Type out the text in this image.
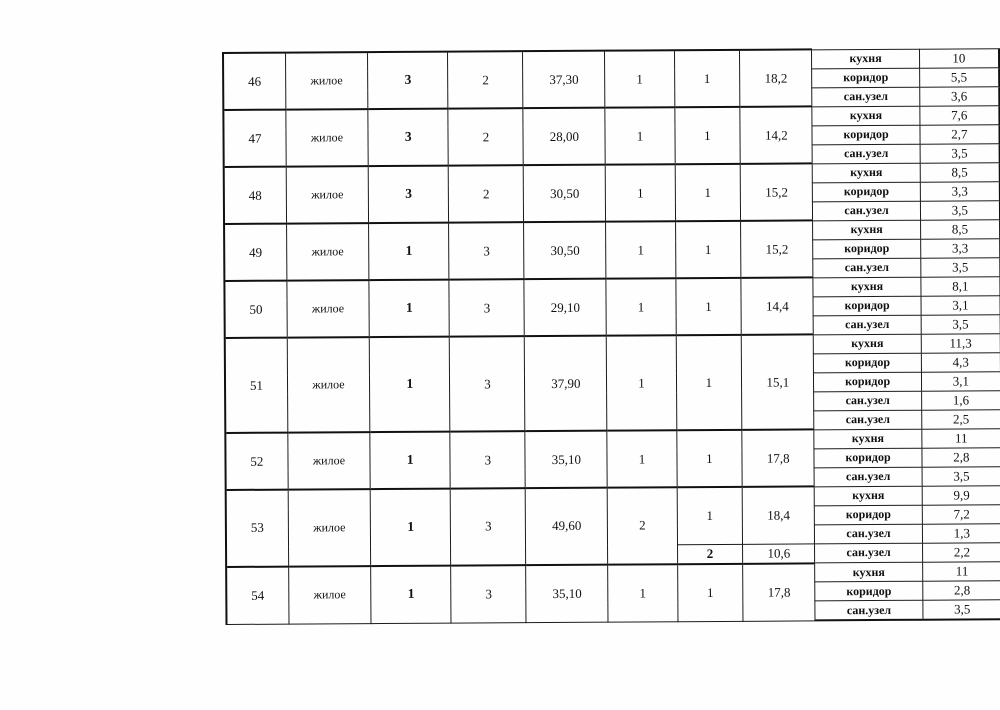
46	жилое	3	2	37,30	1	1	18,2	кухня	10
								коридор	5,5
								сан.узел	3,6
47	жилое	3	2	28,00	1	1	14,2	кухня	7,6
								коридор	2,7
								сан.узел	3,5
48	жилое	3	2	30,50	1	1	15,2	кухня	8,5
								коридор	3,3
								сан.узел	3,5
49	жилое	1	3	30,50	1	1	15,2	кухня	8,5
								коридор	3,3
								сан.узел	3,5
50	жилое	1	3	29,10	1	1	14,4	кухня	8,1
								коридор	3,1
								сан.узел	3,5
51	жилое	1	3	37,90	1	1	15,1	кухня	11,3
								коридор	4,3
								коридор	3,1
								сан.узел	1,6
								сан.узел	2,5
52	жилое	1	3	35,10	1	1	17,8	кухня	11
								коридор	2,8
								сан.узел	3,5
53	жилое	1	3	49,60	2	1	18,4	кухня	9,9
								коридор	7,2
								сан.узел	1,3
						2	10,6	сан.узел	2,2
54	жилое	1	3	35,10	1	1	17,8	кухня	11
								коридор	2,8
								сан.узел	3,5
